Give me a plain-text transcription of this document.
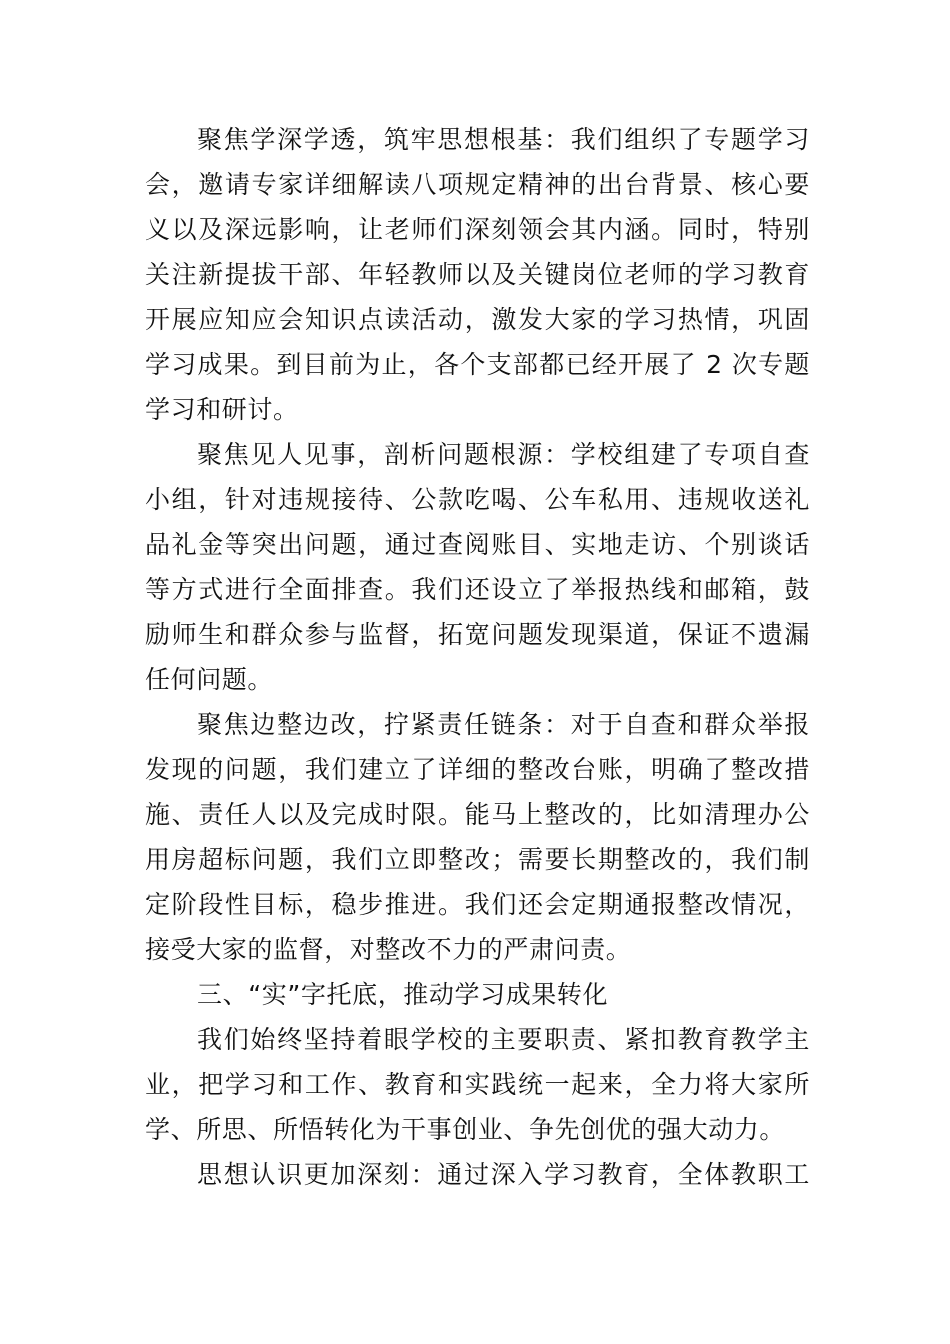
聚焦学深学透，筑牢思想根基：我们组织了专题学习
会，邀请专家详细解读八项规定精神的出台背景、核心要
义以及深远影响，让老师们深刻领会其内涵。同时，特别
关注新提拔干部、年轻教师以及关键岗位老师的学习教育
开展应知应会知识点读活动，激发大家的学习热情，巩固
学习成果。到目前为止，各个支部都已经开展了 2 次专题
学习和研讨。
聚焦见人见事，剖析问题根源：学校组建了专项自查
小组，针对违规接待、公款吃喝、公车私用、违规收送礼
品礼金等突出问题，通过查阅账目、实地走访、个别谈话
等方式进行全面排查。我们还设立了举报热线和邮箱，鼓
励师生和群众参与监督，拓宽问题发现渠道，保证不遗漏
任何问题。
聚焦边整边改，拧紧责任链条：对于自查和群众举报
发现的问题，我们建立了详细的整改台账，明确了整改措
施、责任人以及完成时限。能马上整改的，比如清理办公
用房超标问题，我们立即整改；需要长期整改的，我们制
定阶段性目标，稳步推进。我们还会定期通报整改情况，
接受大家的监督，对整改不力的严肃问责。
三、“实”字托底，推动学习成果转化
我们始终坚持着眼学校的主要职责、紧扣教育教学主
业，把学习和工作、教育和实践统一起来，全力将大家所
学、所思、所悟转化为干事创业、争先创优的强大动力。
思想认识更加深刻：通过深入学习教育，全体教职工
